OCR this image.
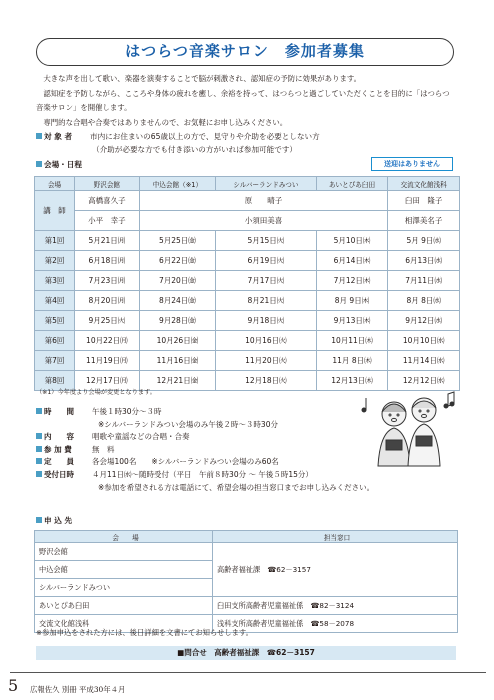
はつらつ音楽サロン　参加者募集

大きな声を出して歌い、楽器を演奏することで脳が刺激され、認知症の予防に効果があります。

認知症を予防しながら、こころや身体の疲れを癒し、余裕を持って、はつらつと過ごしていただくことを目的に「はつらつ音楽サロン」を開催します。

専門的な合唱や合奏ではありませんので、お気軽にお申し込みください。

対 象 者 市内にお住まいの65歳以上の方で、見守りや介助を必要としない方
（介助が必要な方でも付き添いの方がいれば参加可能です）
会場・日程	送迎はありません
会場	野沢会館	中込会館（※1）	シルバーランドみつい	あいとぴあ臼田	交流文化館浅科
講　師	高橋喜久子	原　　晴子			臼田　隆子
	小平　幸子	小須田美喜			相澤美名子
第1回	5月21日㈪	5月25日㈮	5月15日㈫	5月10日㈭	5月 9日㈬
第2回	6月18日㈪	6月22日㈮	6月19日㈫	6月14日㈭	6月13日㈬
第3回	7月23日㈪	7月20日㈮	7月17日㈫	7月12日㈭	7月11日㈬
第4回	8月20日㈪	8月24日㈮	8月21日㈫	8月 9日㈭	8月 8日㈬
第5回	9月25日㈫	9月28日㈮	9月18日㈫	9月13日㈭	9月12日㈬
第6回	10月22日㈪	10月26日㈮	10月16日㈫	10月11日㈭	10月10日㈬
第7回	11月19日㈪	11月16日㈮	11月20日㈫	11月 8日㈭	11月14日㈬
第8回	12月17日㈪	12月21日㈮	12月18日㈫	12月13日㈭	12月12日㈬
（※1）今年度より会場が変更となります。
時　　間 午後１時30分～３時
※シルバーランドみつい会場のみ午後２時～３時30分
内　　容 唱歌や童謡などの合唱・合奏
参 加 費	無　料
定　　員 各会場100名　　※シルバーランドみつい会場のみ60名
受付日時 ４月11日㈬～随時受付（平日　午前８時30分 ～ 午後５時15分）
※参加を希望される方は電話にて、希望会場の担当窓口までお申し込みください。
申 込 先
会　　場	担当窓口
野沢会館	高齢者福祉課　☎62－3157
中込会館	
シルバーランドみつい	
あいとぴあ臼田	臼田支所高齢者児童福祉係　☎82－3124
交流文化館浅科	浅科支所高齢者児童福祉係　☎58－2078
※参加申込をされた方には、後日詳細を文書にてお知らせします。
■問合せ　高齢者福祉課　☎62－3157
5 広報佐久 別冊 平成30年４月
